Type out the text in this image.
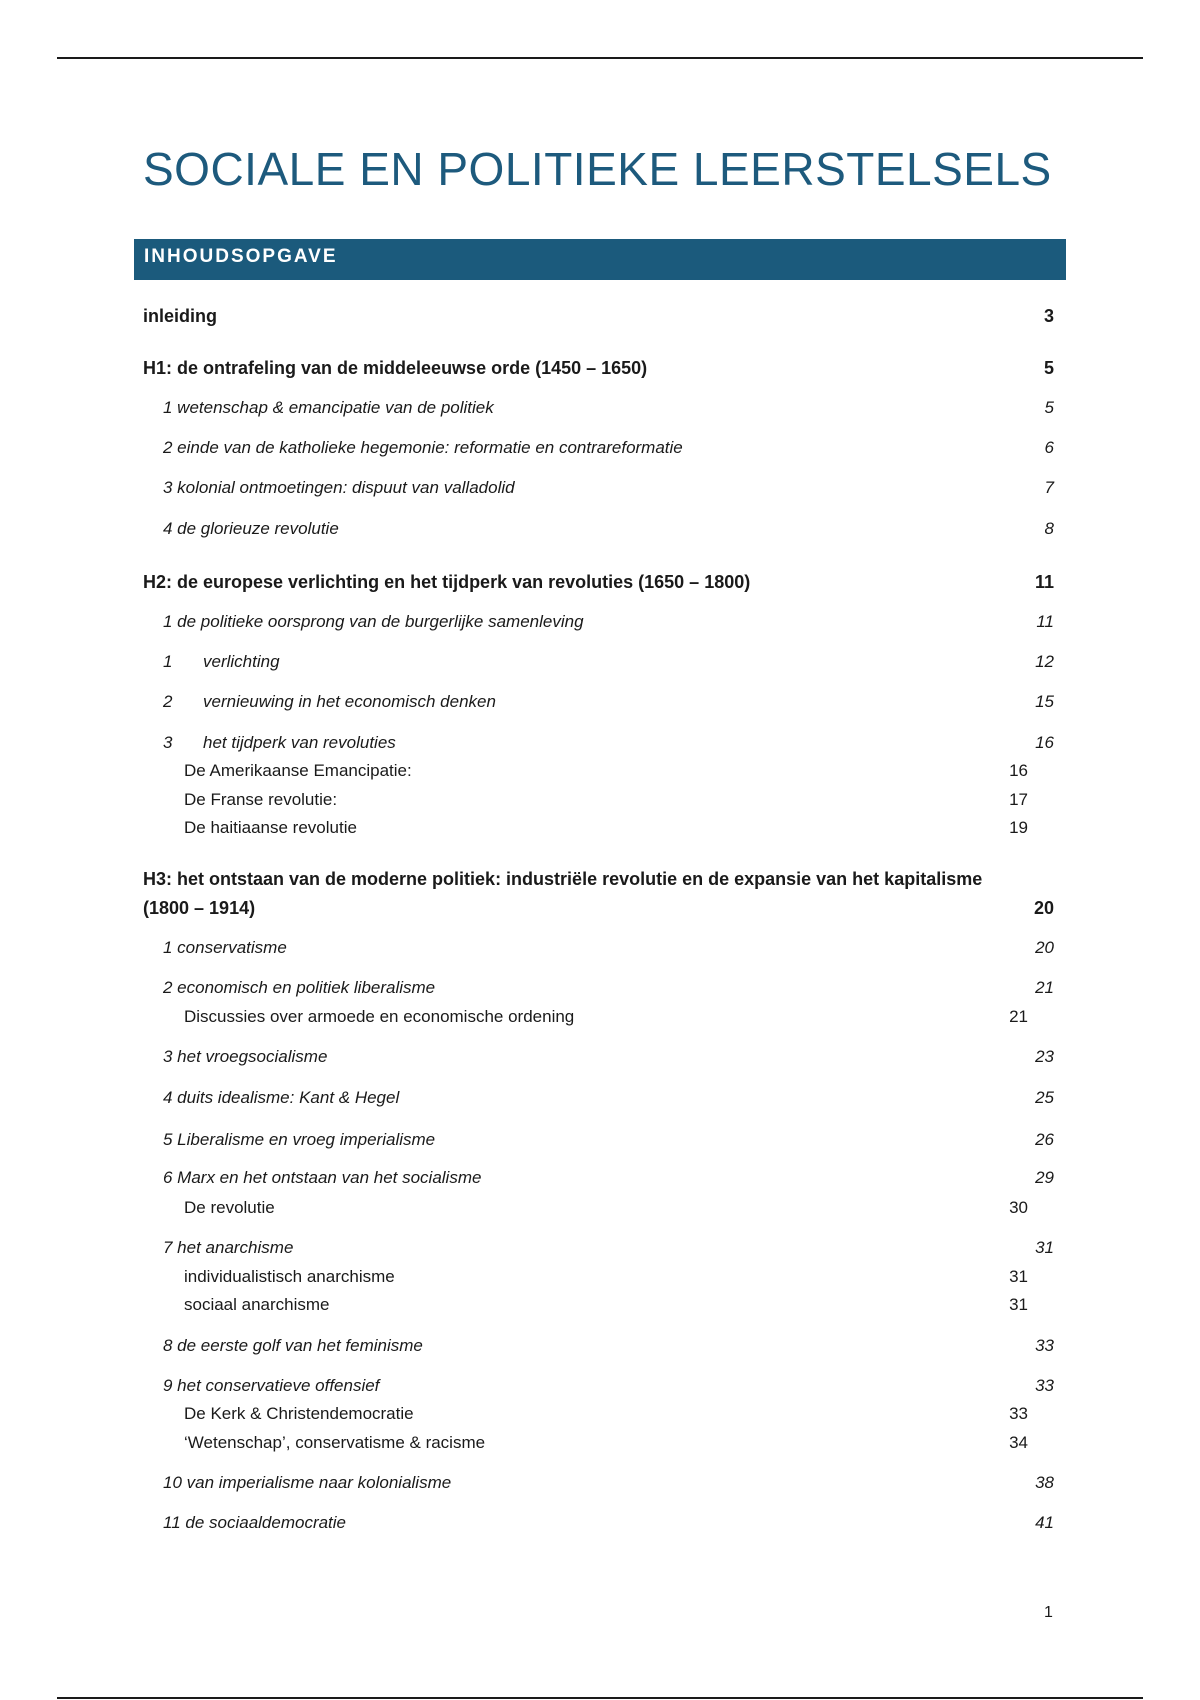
SOCIALE EN POLITIEKE LEERSTELSELS
INHOUDSOPGAVE
inleiding	3
H1: de ontrafeling van de middeleeuwse orde (1450 – 1650)	5
1 wetenschap & emancipatie van de politiek	5
2 einde van de katholieke hegemonie: reformatie en contrareformatie	6
3 kolonial ontmoetingen: dispuut van valladolid	7
4 de glorieuze revolutie	8
H2: de europese verlichting en het tijdperk van revoluties (1650 – 1800)	11
1 de politieke oorsprong van de burgerlijke samenleving	11
1 verlichting	12
2 vernieuwing in het economisch denken	15
3 het tijdperk van revoluties	16
De Amerikaanse Emancipatie:	16
De Franse revolutie:	17
De haitiaanse revolutie	19
H3: het ontstaan van de moderne politiek: industriële revolutie en de expansie van het kapitalisme
(1800 – 1914)	20
1 conservatisme	20
2 economisch en politiek liberalisme	21
Discussies over armoede en economische ordening	21
3 het vroegsocialisme	23
4 duits idealisme: Kant & Hegel	25
5 Liberalisme en vroeg imperialisme	26
6 Marx en het ontstaan van het socialisme	29
De revolutie	30
7 het anarchisme	31
individualistisch anarchisme	31
sociaal anarchisme	31
8 de eerste golf van het feminisme	33
9 het conservatieve offensief	33
De Kerk & Christendemocratie	33
‘Wetenschap’, conservatisme & racisme	34
10 van imperialisme naar kolonialisme	38
11 de sociaaldemocratie	41
1
